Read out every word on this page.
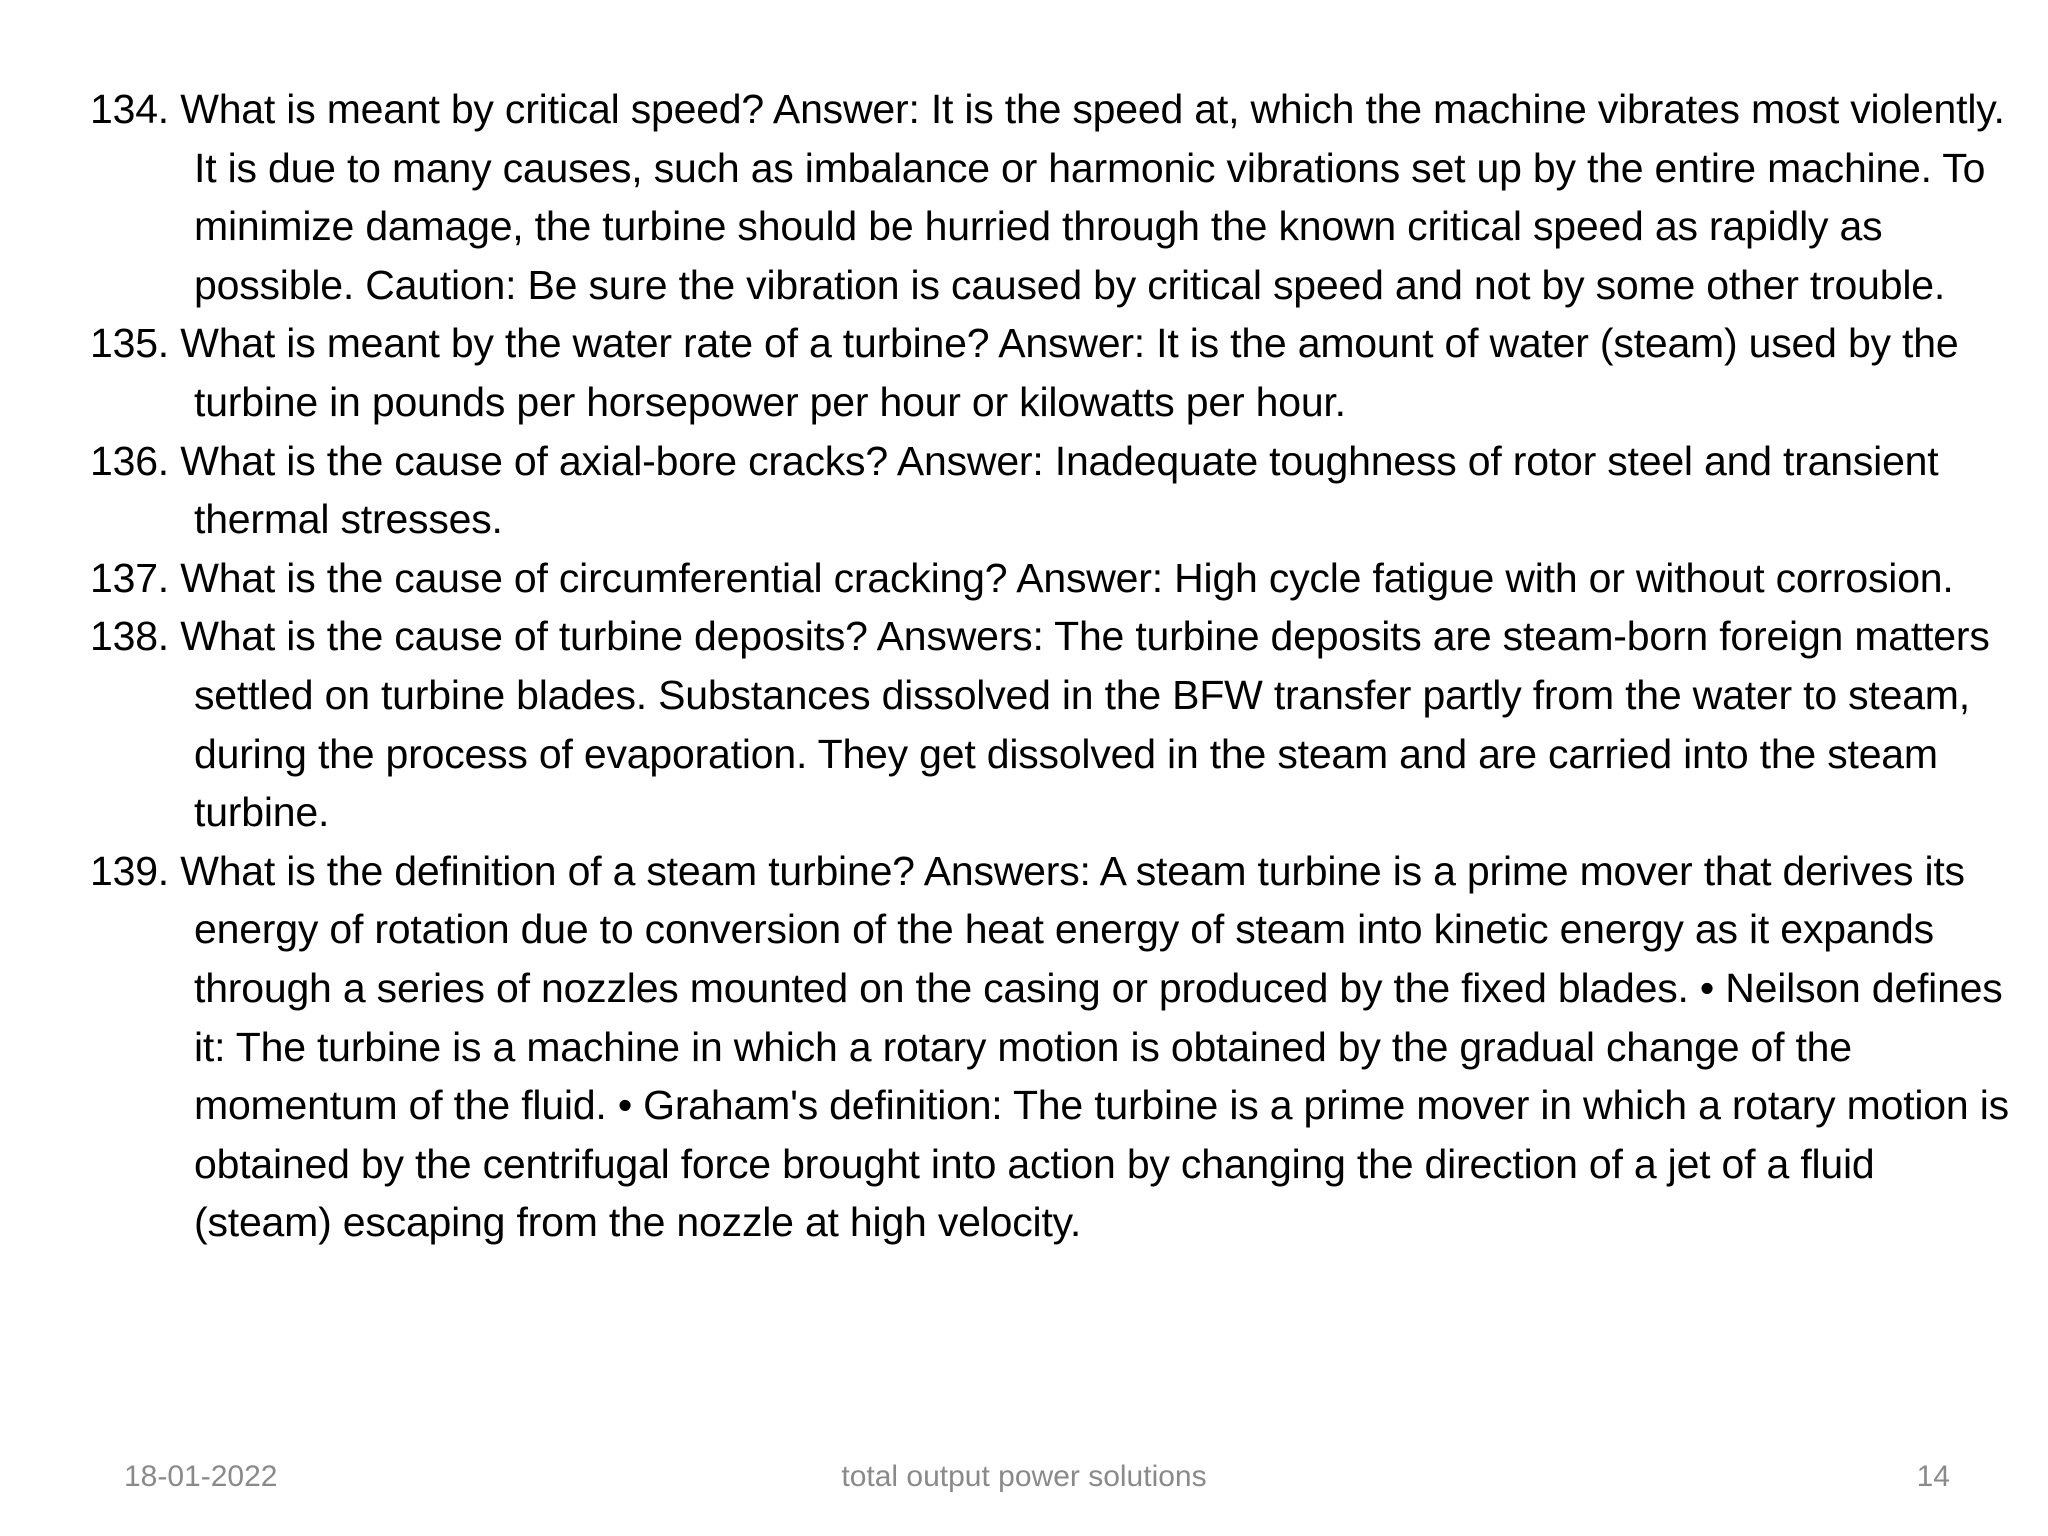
134. What is meant by critical speed? Answer: It is the speed at, which the machine vibrates most violently. It is due to many causes, such as imbalance or harmonic vibrations set up by the entire machine. To minimize damage, the turbine should be hurried through the known critical speed as rapidly as possible. Caution: Be sure the vibration is caused by critical speed and not by some other trouble.
135. What is meant by the water rate of a turbine? Answer: It is the amount of water (steam) used by the turbine in pounds per horsepower per hour or kilowatts per hour.
136. What is the cause of axial-bore cracks? Answer: Inadequate toughness of rotor steel and transient thermal stresses.
137. What is the cause of circumferential cracking? Answer: High cycle fatigue with or without corrosion.
138. What is the cause of turbine deposits? Answers: The turbine deposits are steam-born foreign matters settled on turbine blades. Substances dissolved in the BFW transfer partly from the water to steam, during the process of evaporation. They get dissolved in the steam and are carried into the steam turbine.
139. What is the definition of a steam turbine? Answers: A steam turbine is a prime mover that derives its energy of rotation due to conversion of the heat energy of steam into kinetic energy as it expands through a series of nozzles mounted on the casing or produced by the fixed blades. • Neilson defines it: The turbine is a machine in which a rotary motion is obtained by the gradual change of the momentum of the fluid. • Graham's definition: The turbine is a prime mover in which a rotary motion is obtained by the centrifugal force brought into action by changing the direction of a jet of a fluid (steam) escaping from the nozzle at high velocity.
18-01-2022	total output power solutions	14
